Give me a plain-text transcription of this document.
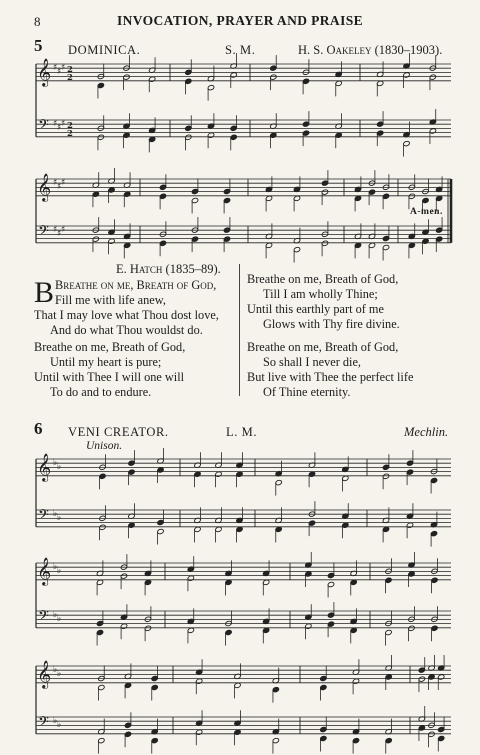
8	INVOCATION, PRAYER AND PRAISE
5 DOMINICA.	S. M.	H. S. Oakeley (1830–1903).
𝄞
𝄢
♯ ♯ ♯
♯ ♯ ♯
2
2
2
2
𝄞
𝄢
♯ ♯ ♯
♯ ♯ ♯
𝄞
𝄢
♭ ♭
♭ ♭
𝄞
𝄢
♭ ♭
♭ ♭
𝄞
𝄢
♭ ♭
♭ ♭
A-men.
E. Hatch (1835–89).
B Breathe on me, Breath of God,
Fill me with life anew,
That I may love what Thou dost love,
And do what Thou wouldst do.
Breathe on me, Breath of God,
Till I am wholly Thine;
Until this earthly part of me
Glows with Thy fire divine.
Breathe on me, Breath of God,
Until my heart is pure;
Until with Thee I will one will
To do and to endure.
Breathe on me, Breath of God,
So shall I never die,
But live with Thee the perfect life
Of Thine eternity.
6 VENI CREATOR.	L. M.	Mechlin.
Unison.
